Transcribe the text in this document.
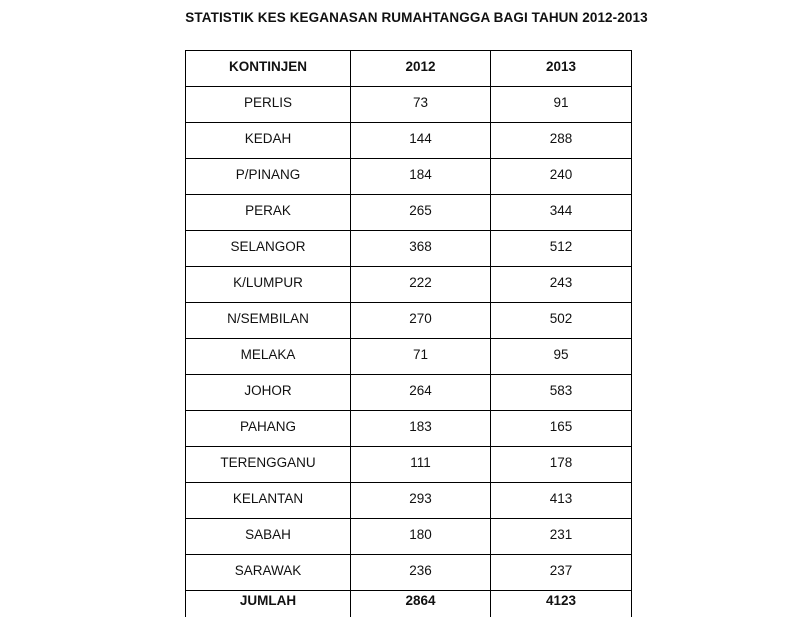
STATISTIK KES KEGANASAN RUMAHTANGGA BAGI TAHUN 2012-2013
KONTINJEN	2012	2013
PERLIS	73	91
KEDAH	144	288
P/PINANG	184	240
PERAK	265	344
SELANGOR	368	512
K/LUMPUR	222	243
N/SEMBILAN	270	502
MELAKA	71	95
JOHOR	264	583
PAHANG	183	165
TERENGGANU	111	178
KELANTAN	293	413
SABAH	180	231
SARAWAK	236	237
JUMLAH	2864	4123
